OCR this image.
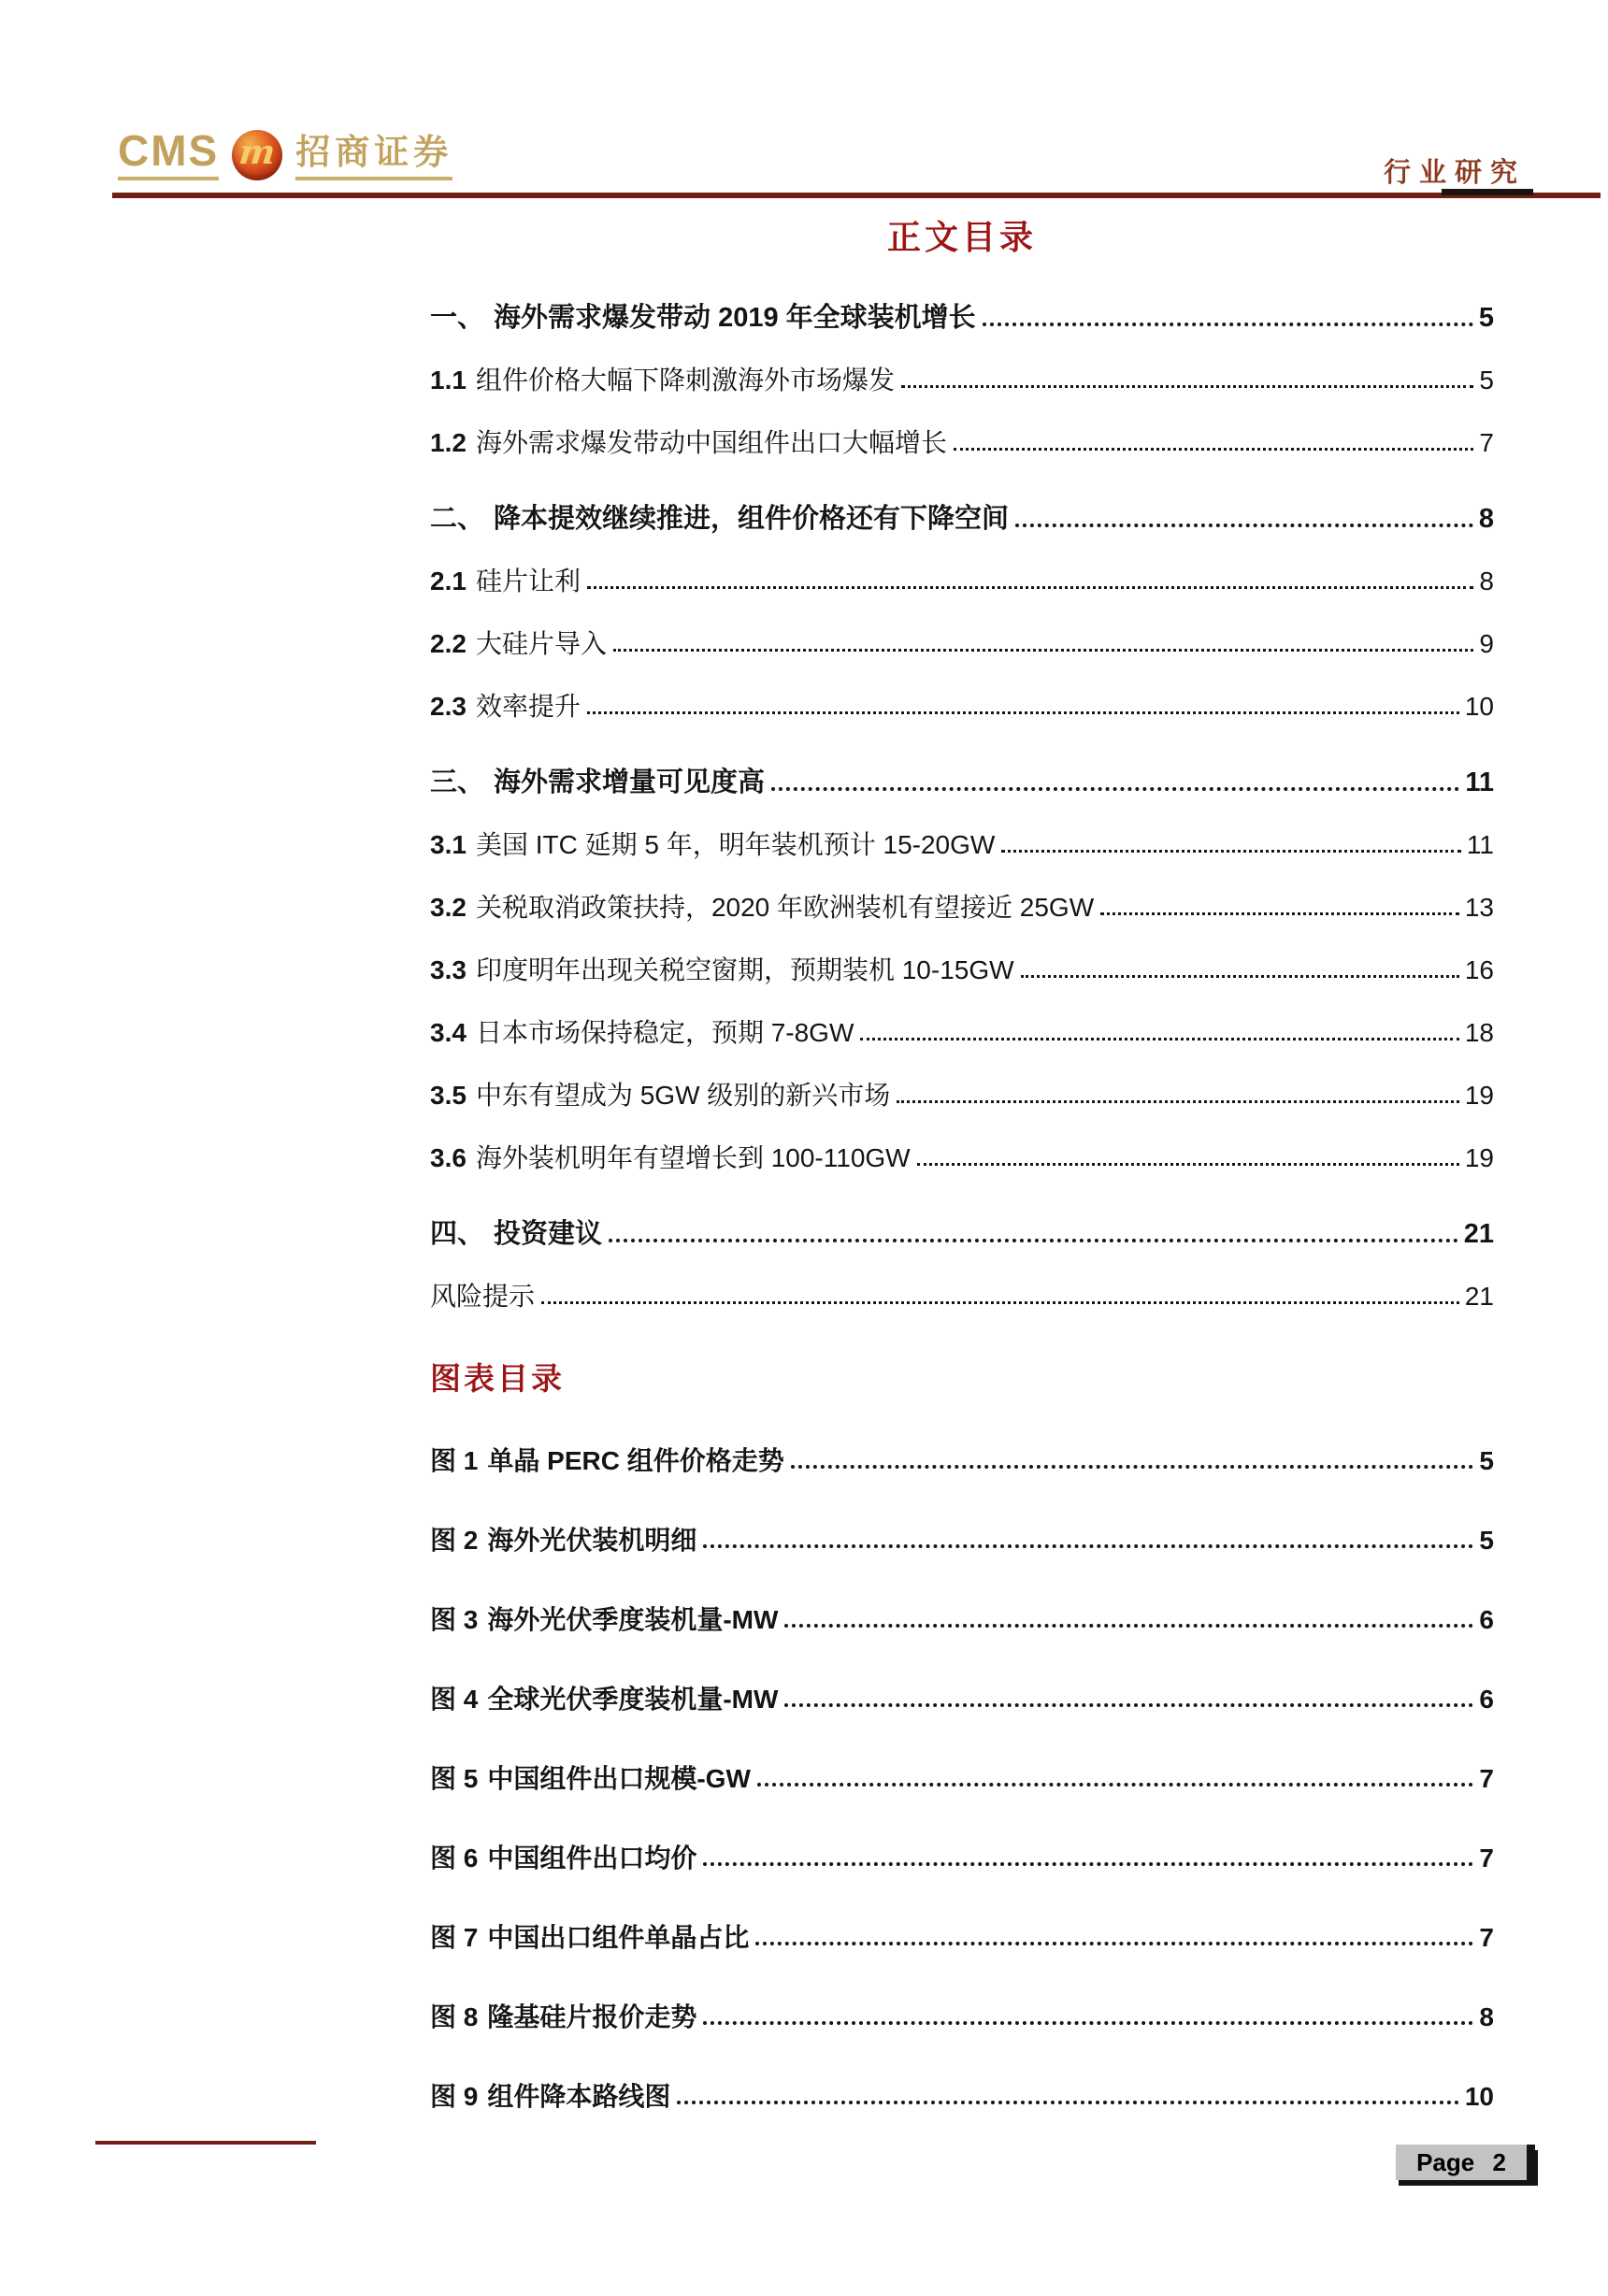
CMS m 招商证券
行业研究
正文目录
一、 海外需求爆发带动 2019 年全球装机增长	5
1.1 组件价格大幅下降刺激海外市场爆发	5
1.2 海外需求爆发带动中国组件出口大幅增长	7
二、 降本提效继续推进，组件价格还有下降空间	8
2.1 硅片让利	8
2.2 大硅片导入	9
2.3 效率提升	10
三、 海外需求增量可见度高	11
3.1 美国 ITC 延期 5 年，明年装机预计 15-20GW	11
3.2 关税取消政策扶持，2020 年欧洲装机有望接近 25GW	13
3.3 印度明年出现关税空窗期，预期装机 10-15GW	16
3.4 日本市场保持稳定，预期 7-8GW	18
3.5 中东有望成为 5GW 级别的新兴市场	19
3.6 海外装机明年有望增长到 100-110GW	19
四、 投资建议	21
风险提示	21
图表目录
图 1 单晶 PERC 组件价格走势	5
图 2 海外光伏装机明细	5
图 3 海外光伏季度装机量-MW	6
图 4 全球光伏季度装机量-MW	6
图 5 中国组件出口规模-GW	7
图 6 中国组件出口均价	7
图 7 中国出口组件单晶占比	7
图 8 隆基硅片报价走势	8
图 9 组件降本路线图	10
Page 2
